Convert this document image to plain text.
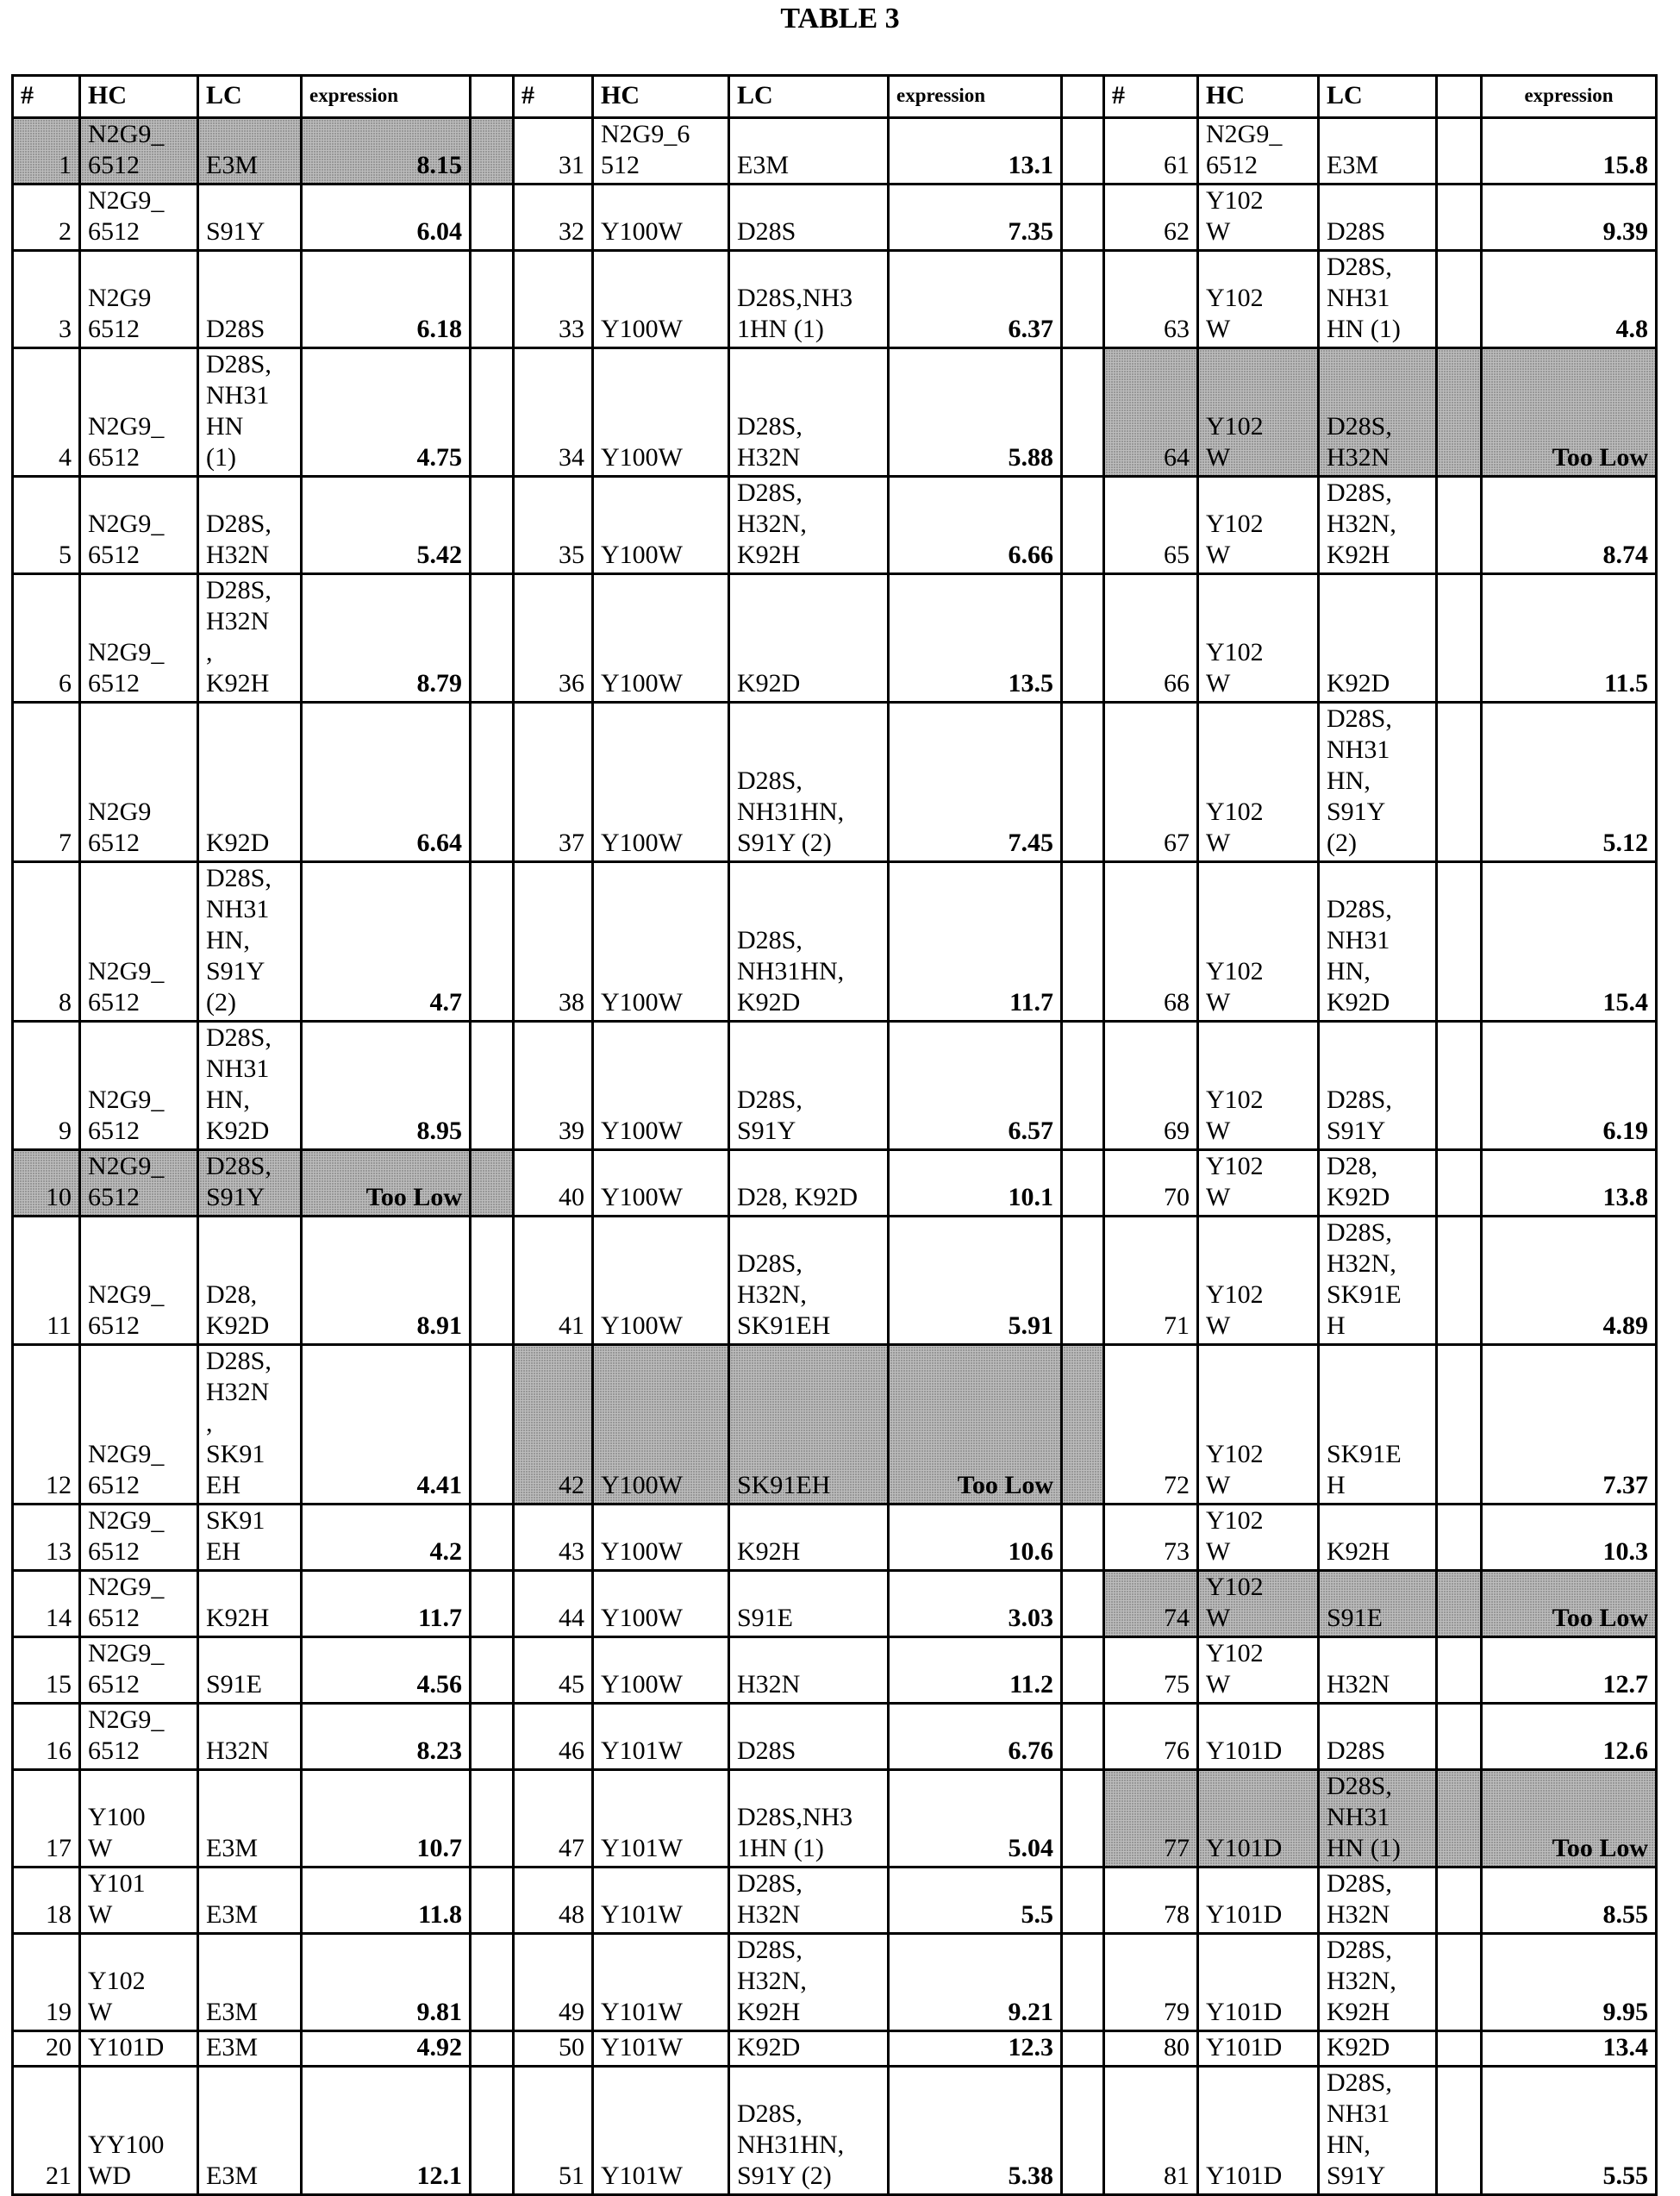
TABLE 3
#	HC	LC	expression		#	HC	LC	expression		#	HC	LC		expression
1	N2G9_
6512	E3M	8.15		31	N2G9_6
512	E3M	13.1		61	N2G9_
6512	E3M		15.8
2	N2G9_
6512	S91Y	6.04		32	Y100W	D28S	7.35		62	Y102
W	D28S		9.39
3	N2G9
6512	D28S	6.18		33	Y100W	D28S,NH3
1HN (1)	6.37		63	Y102
W	D28S,
NH31
HN (1)		4.8
4	N2G9_
6512	D28S,
NH31
HN
(1)	4.75		34	Y100W	D28S,
H32N	5.88		64	Y102
W	D28S,
H32N		Too Low
5	N2G9_
6512	D28S,
H32N	5.42		35	Y100W	D28S,
H32N,
K92H	6.66		65	Y102
W	D28S,
H32N,
K92H		8.74
6	N2G9_
6512	D28S,
H32N
,
K92H	8.79		36	Y100W	K92D	13.5		66	Y102
W	K92D		11.5
7	N2G9
6512	K92D	6.64		37	Y100W	D28S,
NH31HN,
S91Y (2)	7.45		67	Y102
W	D28S,
NH31
HN,
S91Y
(2)		5.12
8	N2G9_
6512	D28S,
NH31
HN,
S91Y
(2)	4.7		38	Y100W	D28S,
NH31HN,
K92D	11.7		68	Y102
W	D28S,
NH31
HN,
K92D		15.4
9	N2G9_
6512	D28S,
NH31
HN,
K92D	8.95		39	Y100W	D28S,
S91Y	6.57		69	Y102
W	D28S,
S91Y		6.19
10	N2G9_
6512	D28S,
S91Y	Too Low		40	Y100W	D28, K92D	10.1		70	Y102
W	D28,
K92D		13.8
11	N2G9_
6512	D28,
K92D	8.91		41	Y100W	D28S,
H32N,
SK91EH	5.91		71	Y102
W	D28S,
H32N,
SK91E
H		4.89
12	N2G9_
6512	D28S,
H32N
,
SK91
EH	4.41		42	Y100W	SK91EH	Too Low		72	Y102
W	SK91E
H		7.37
13	N2G9_
6512	SK91
EH	4.2		43	Y100W	K92H	10.6		73	Y102
W	K92H		10.3
14	N2G9_
6512	K92H	11.7		44	Y100W	S91E	3.03		74	Y102
W	S91E		Too Low
15	N2G9_
6512	S91E	4.56		45	Y100W	H32N	11.2		75	Y102
W	H32N		12.7
16	N2G9_
6512	H32N	8.23		46	Y101W	D28S	6.76		76	Y101D	D28S		12.6
17	Y100
W	E3M	10.7		47	Y101W	D28S,NH3
1HN (1)	5.04		77	Y101D	D28S,
NH31
HN (1)		Too Low
18	Y101
W	E3M	11.8		48	Y101W	D28S,
H32N	5.5		78	Y101D	D28S,
H32N		8.55
19	Y102
W	E3M	9.81		49	Y101W	D28S,
H32N,
K92H	9.21		79	Y101D	D28S,
H32N,
K92H		9.95
20	Y101D	E3M	4.92		50	Y101W	K92D	12.3		80	Y101D	K92D		13.4
21	YY100
WD	E3M	12.1		51	Y101W	D28S,
NH31HN,
S91Y (2)	5.38		81	Y101D	D28S,
NH31
HN,
S91Y		5.55
